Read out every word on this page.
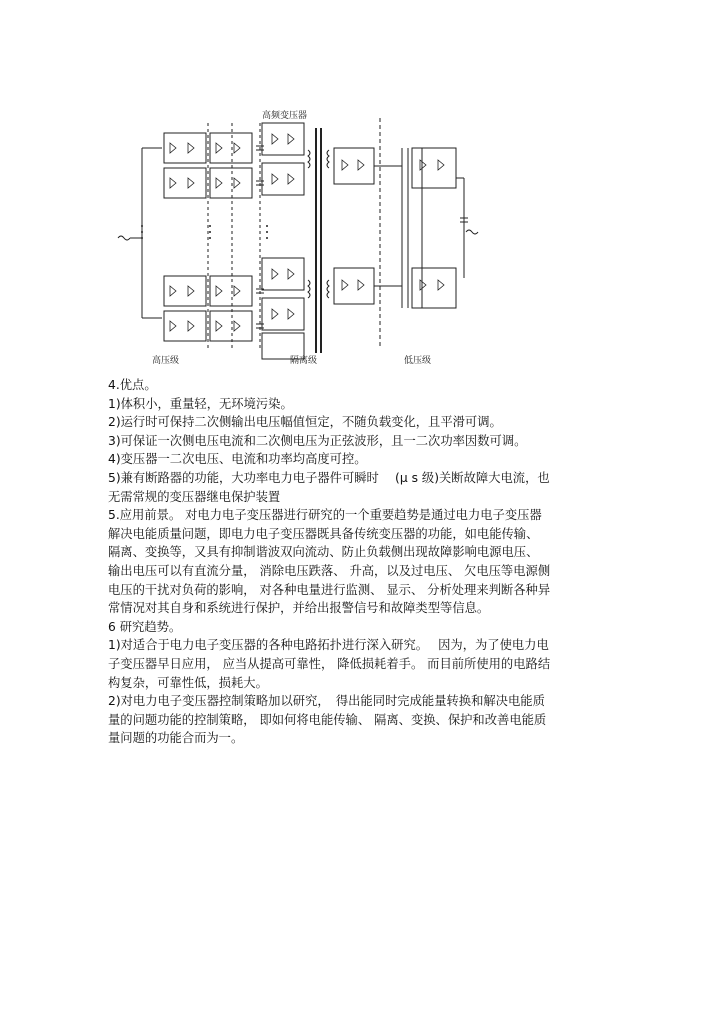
高频变压器
高压级	隔离级	低压级
4.优点。
1)体积小，重量轻，无环境污染。
2)运行时可保持二次侧输出电压幅值恒定，不随负载变化，且平滑可调。
3)可保证一次侧电压电流和二次侧电压为正弦波形，且一二次功率因数可调。
4)变压器一二次电压、电流和功率均高度可控。
5)兼有断路器的功能，大功率电力电子器件可瞬时　 (μ s 级)关断故障大电流，也
无需常规的变压器继电保护装置
5.应用前景。 对电力电子变压器进行研究的一个重要趋势是通过电力电子变压器
解决电能质量问题，即电力电子变压器既具备传统变压器的功能，如电能传输、
隔离、变换等，又具有抑制谐波双向流动、防止负载侧出现故障影响电源电压、
输出电压可以有直流分量， 消除电压跌落、 升高，以及过电压、 欠电压等电源侧
电压的干扰对负荷的影响， 对各种电量进行监测、 显示、 分析处理来判断各种异
常情况对其自身和系统进行保护，并给出报警信号和故障类型等信息。
6 研究趋势。
1)对适合于电力电子变压器的各种电路拓扑进行深入研究。　 因为，为了使电力电
子变压器早日应用， 应当从提高可靠性， 降低损耗着手。 而目前所使用的电路结
构复杂，可靠性低，损耗大。
2)对电力电子变压器控制策略加以研究，　得出能同时完成能量转换和解决电能质
量的问题功能的控制策略， 即如何将电能传输、 隔离、变换、保护和改善电能质
量问题的功能合而为一。
